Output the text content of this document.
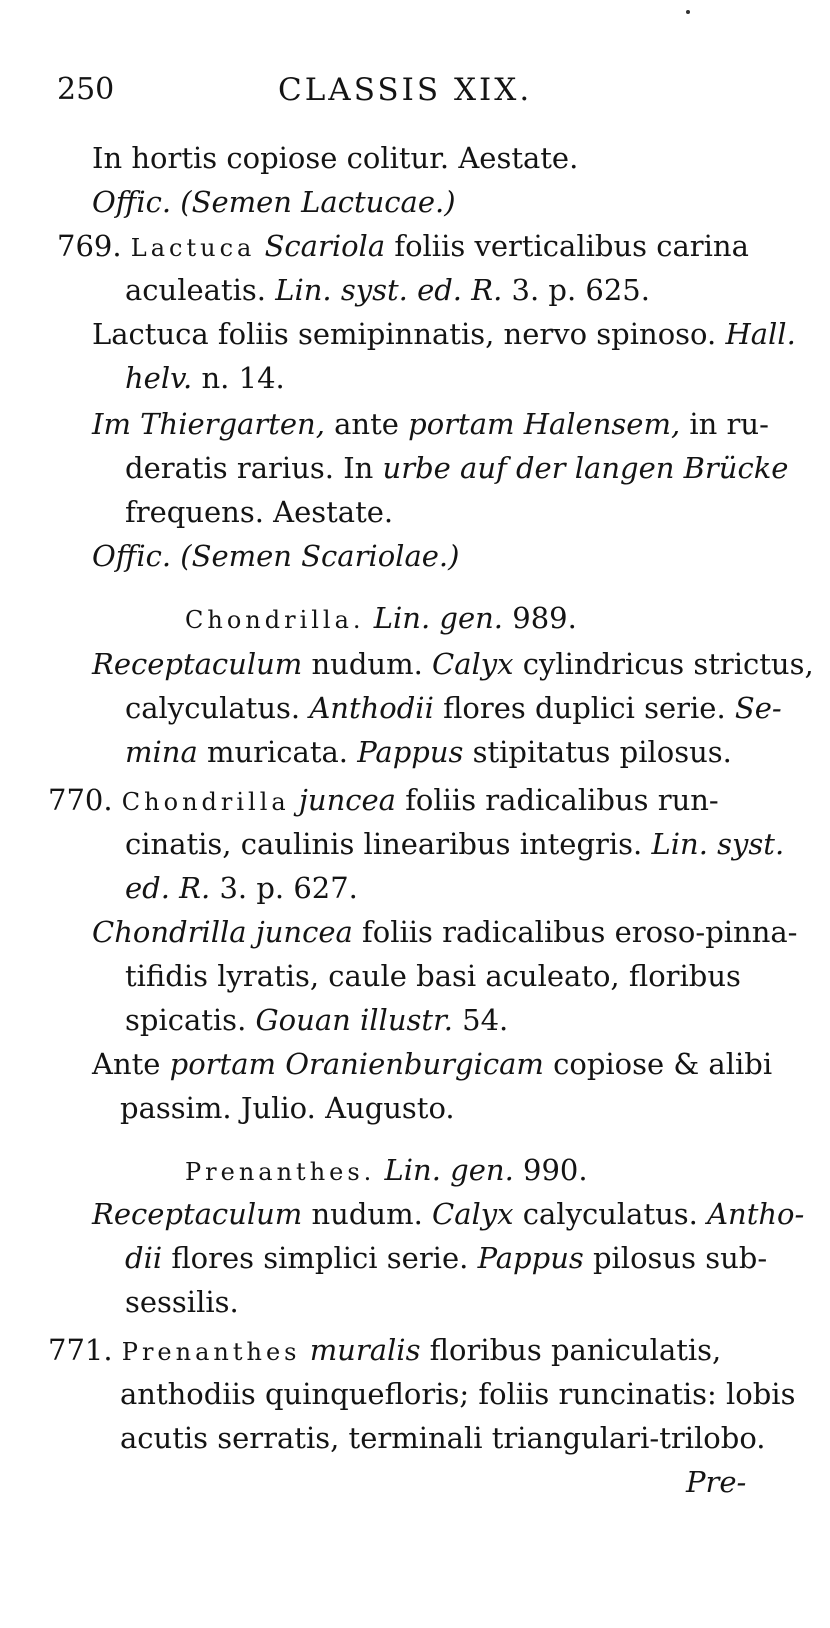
250	CLASSIS XIX.
In hortis copiose colitur. Aestate.
Offic. (Semen Lactucae.)
769. Lactuca Scariola foliis verticalibus carina
aculeatis. Lin. syst. ed. R. 3. p. 625.
Lactuca foliis semipinnatis, nervo spinoso. Hall.
helv. n. 14.
Im Thiergarten, ante portam Halensem, in ru-
deratis rarius. In urbe auf der langen Brücke
frequens. Aestate.
Offic. (Semen Scariolae.)
Chondrilla. Lin. gen. 989.
Receptaculum nudum. Calyx cylindricus strictus,
calyculatus. Anthodii flores duplici serie. Se-
mina muricata. Pappus stipitatus pilosus.
770. Chondrilla juncea foliis radicalibus run-
cinatis, caulinis linearibus integris. Lin. syst.
ed. R. 3. p. 627.
Chondrilla juncea foliis radicalibus eroso-pinna-
tifidis lyratis, caule basi aculeato, floribus
spicatis. Gouan illustr. 54.
Ante portam Oranienburgicam copiose & alibi
passim. Julio. Augusto.
Prenanthes. Lin. gen. 990.
Receptaculum nudum. Calyx calyculatus. Antho-
dii flores simplici serie. Pappus pilosus sub-
sessilis.
771. Prenanthes muralis floribus paniculatis,
anthodiis quinquefloris; foliis runcinatis: lobis
acutis serratis, terminali triangulari-trilobo.
Pre-
